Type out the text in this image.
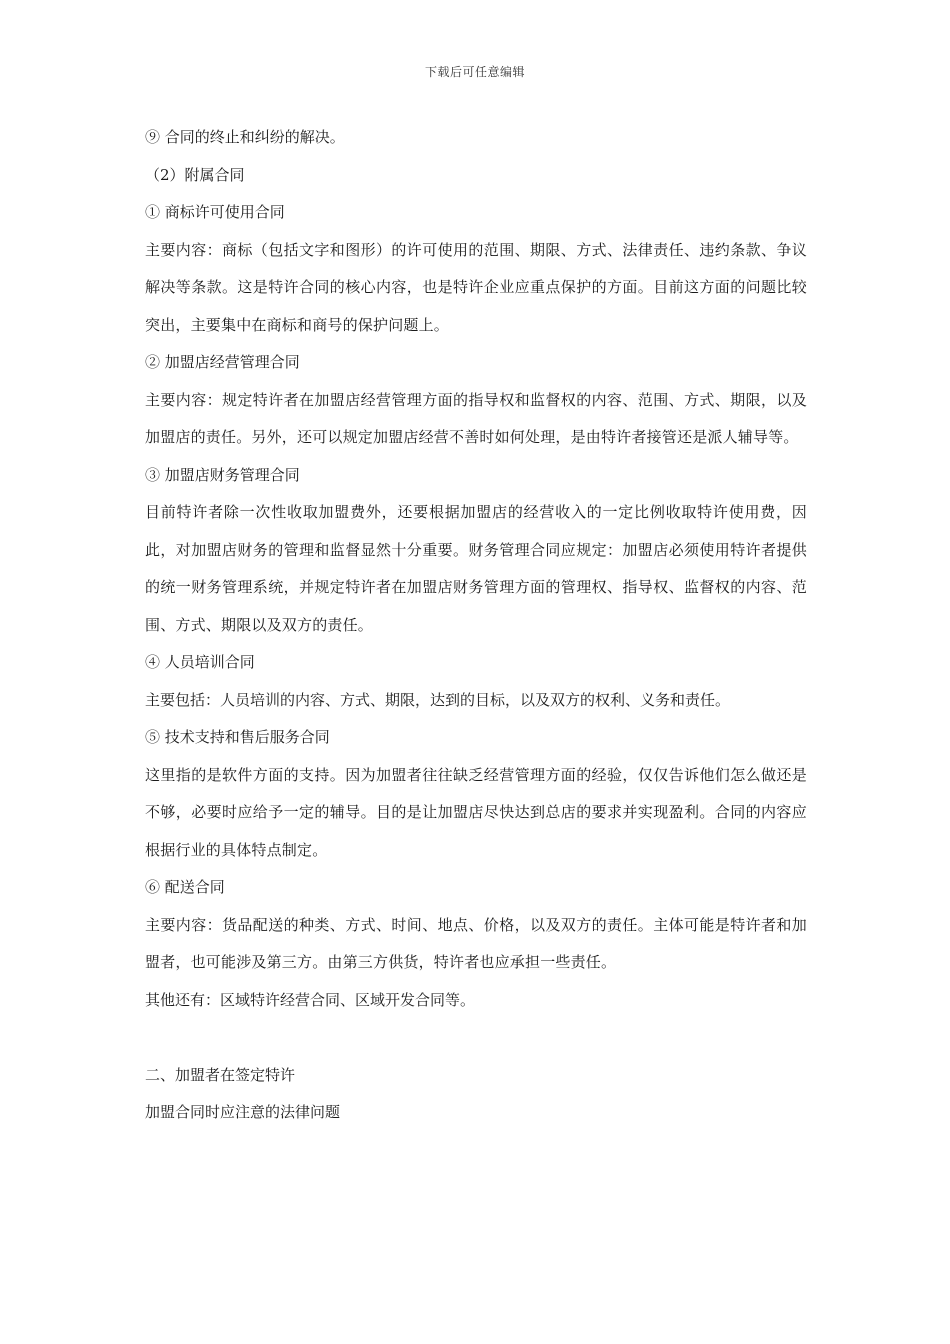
下载后可任意编辑
⑨ 合同的终止和纠纷的解决。
（2）附属合同
① 商标许可使用合同
主要内容：商标（包括文字和图形）的许可使用的范围、期限、方式、法律责任、违约条款、争议解决等条款。这是特许合同的核心内容，也是特许企业应重点保护的方面。目前这方面的问题比较突出，主要集中在商标和商号的保护问题上。
② 加盟店经营管理合同
主要内容：规定特许者在加盟店经营管理方面的指导权和监督权的内容、范围、方式、期限，以及加盟店的责任。另外，还可以规定加盟店经营不善时如何处理，是由特许者接管还是派人辅导等。
③ 加盟店财务管理合同
目前特许者除一次性收取加盟费外，还要根据加盟店的经营收入的一定比例收取特许使用费，因此，对加盟店财务的管理和监督显然十分重要。财务管理合同应规定：加盟店必须使用特许者提供的统一财务管理系统，并规定特许者在加盟店财务管理方面的管理权、指导权、监督权的内容、范围、方式、期限以及双方的责任。
④ 人员培训合同
主要包括：人员培训的内容、方式、期限，达到的目标，以及双方的权利、义务和责任。
⑤ 技术支持和售后服务合同
这里指的是软件方面的支持。因为加盟者往往缺乏经营管理方面的经验，仅仅告诉他们怎么做还是不够，必要时应给予一定的辅导。目的是让加盟店尽快达到总店的要求并实现盈利。合同的内容应根据行业的具体特点制定。
⑥ 配送合同
主要内容：货品配送的种类、方式、时间、地点、价格，以及双方的责任。主体可能是特许者和加盟者，也可能涉及第三方。由第三方供货，特许者也应承担一些责任。
其他还有：区域特许经营合同、区域开发合同等。
二、加盟者在签定特许
加盟合同时应注意的法律问题
